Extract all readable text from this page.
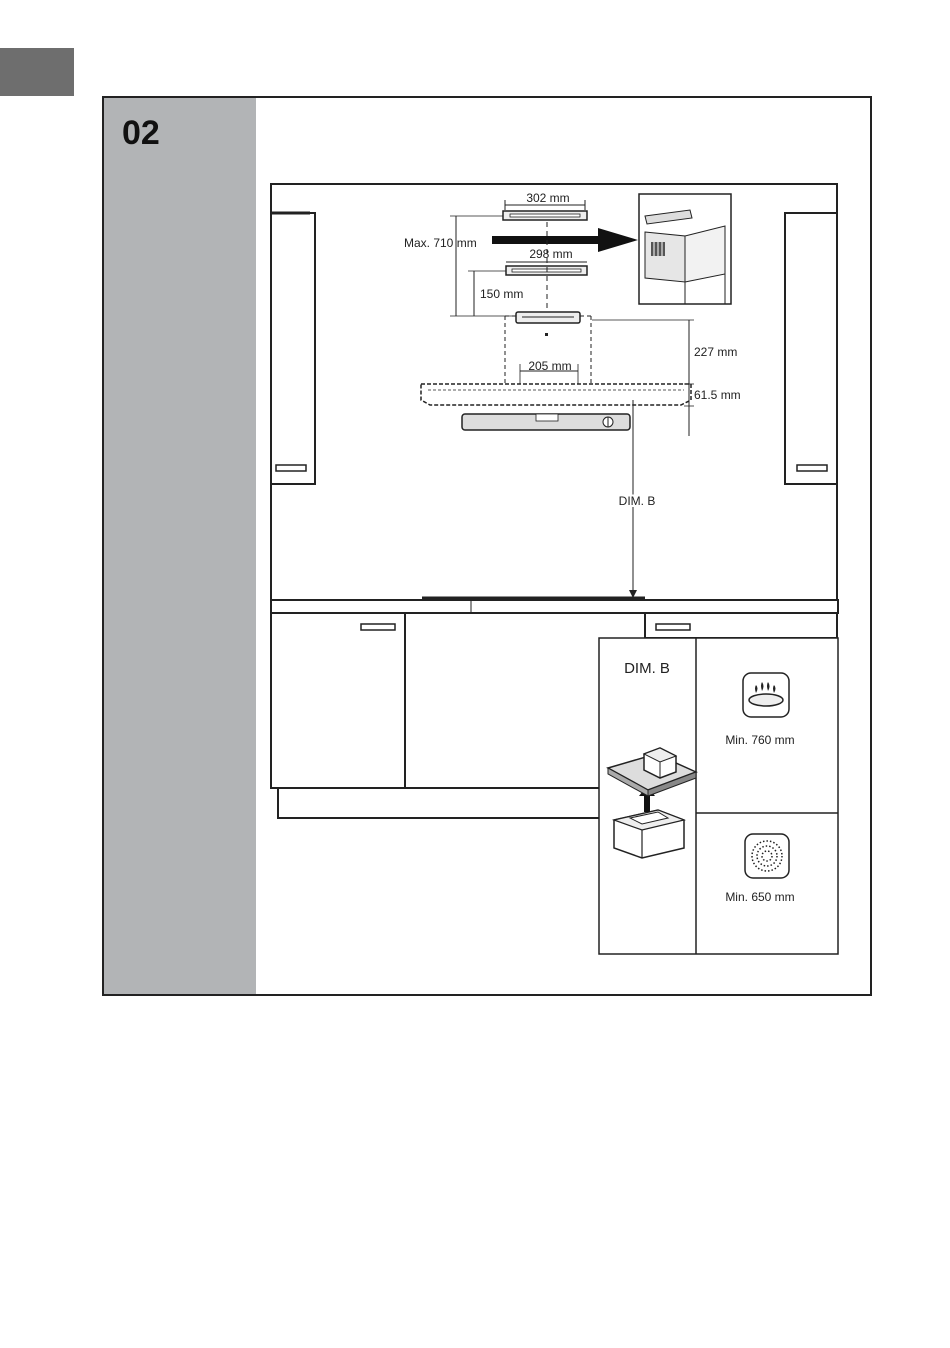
02
302 mm
Max. 710 mm
298 mm
150 mm
205 mm
227 mm
61.5 mm
DIM. B
Min. 760 mm
Min. 650 mm
DIM. B
